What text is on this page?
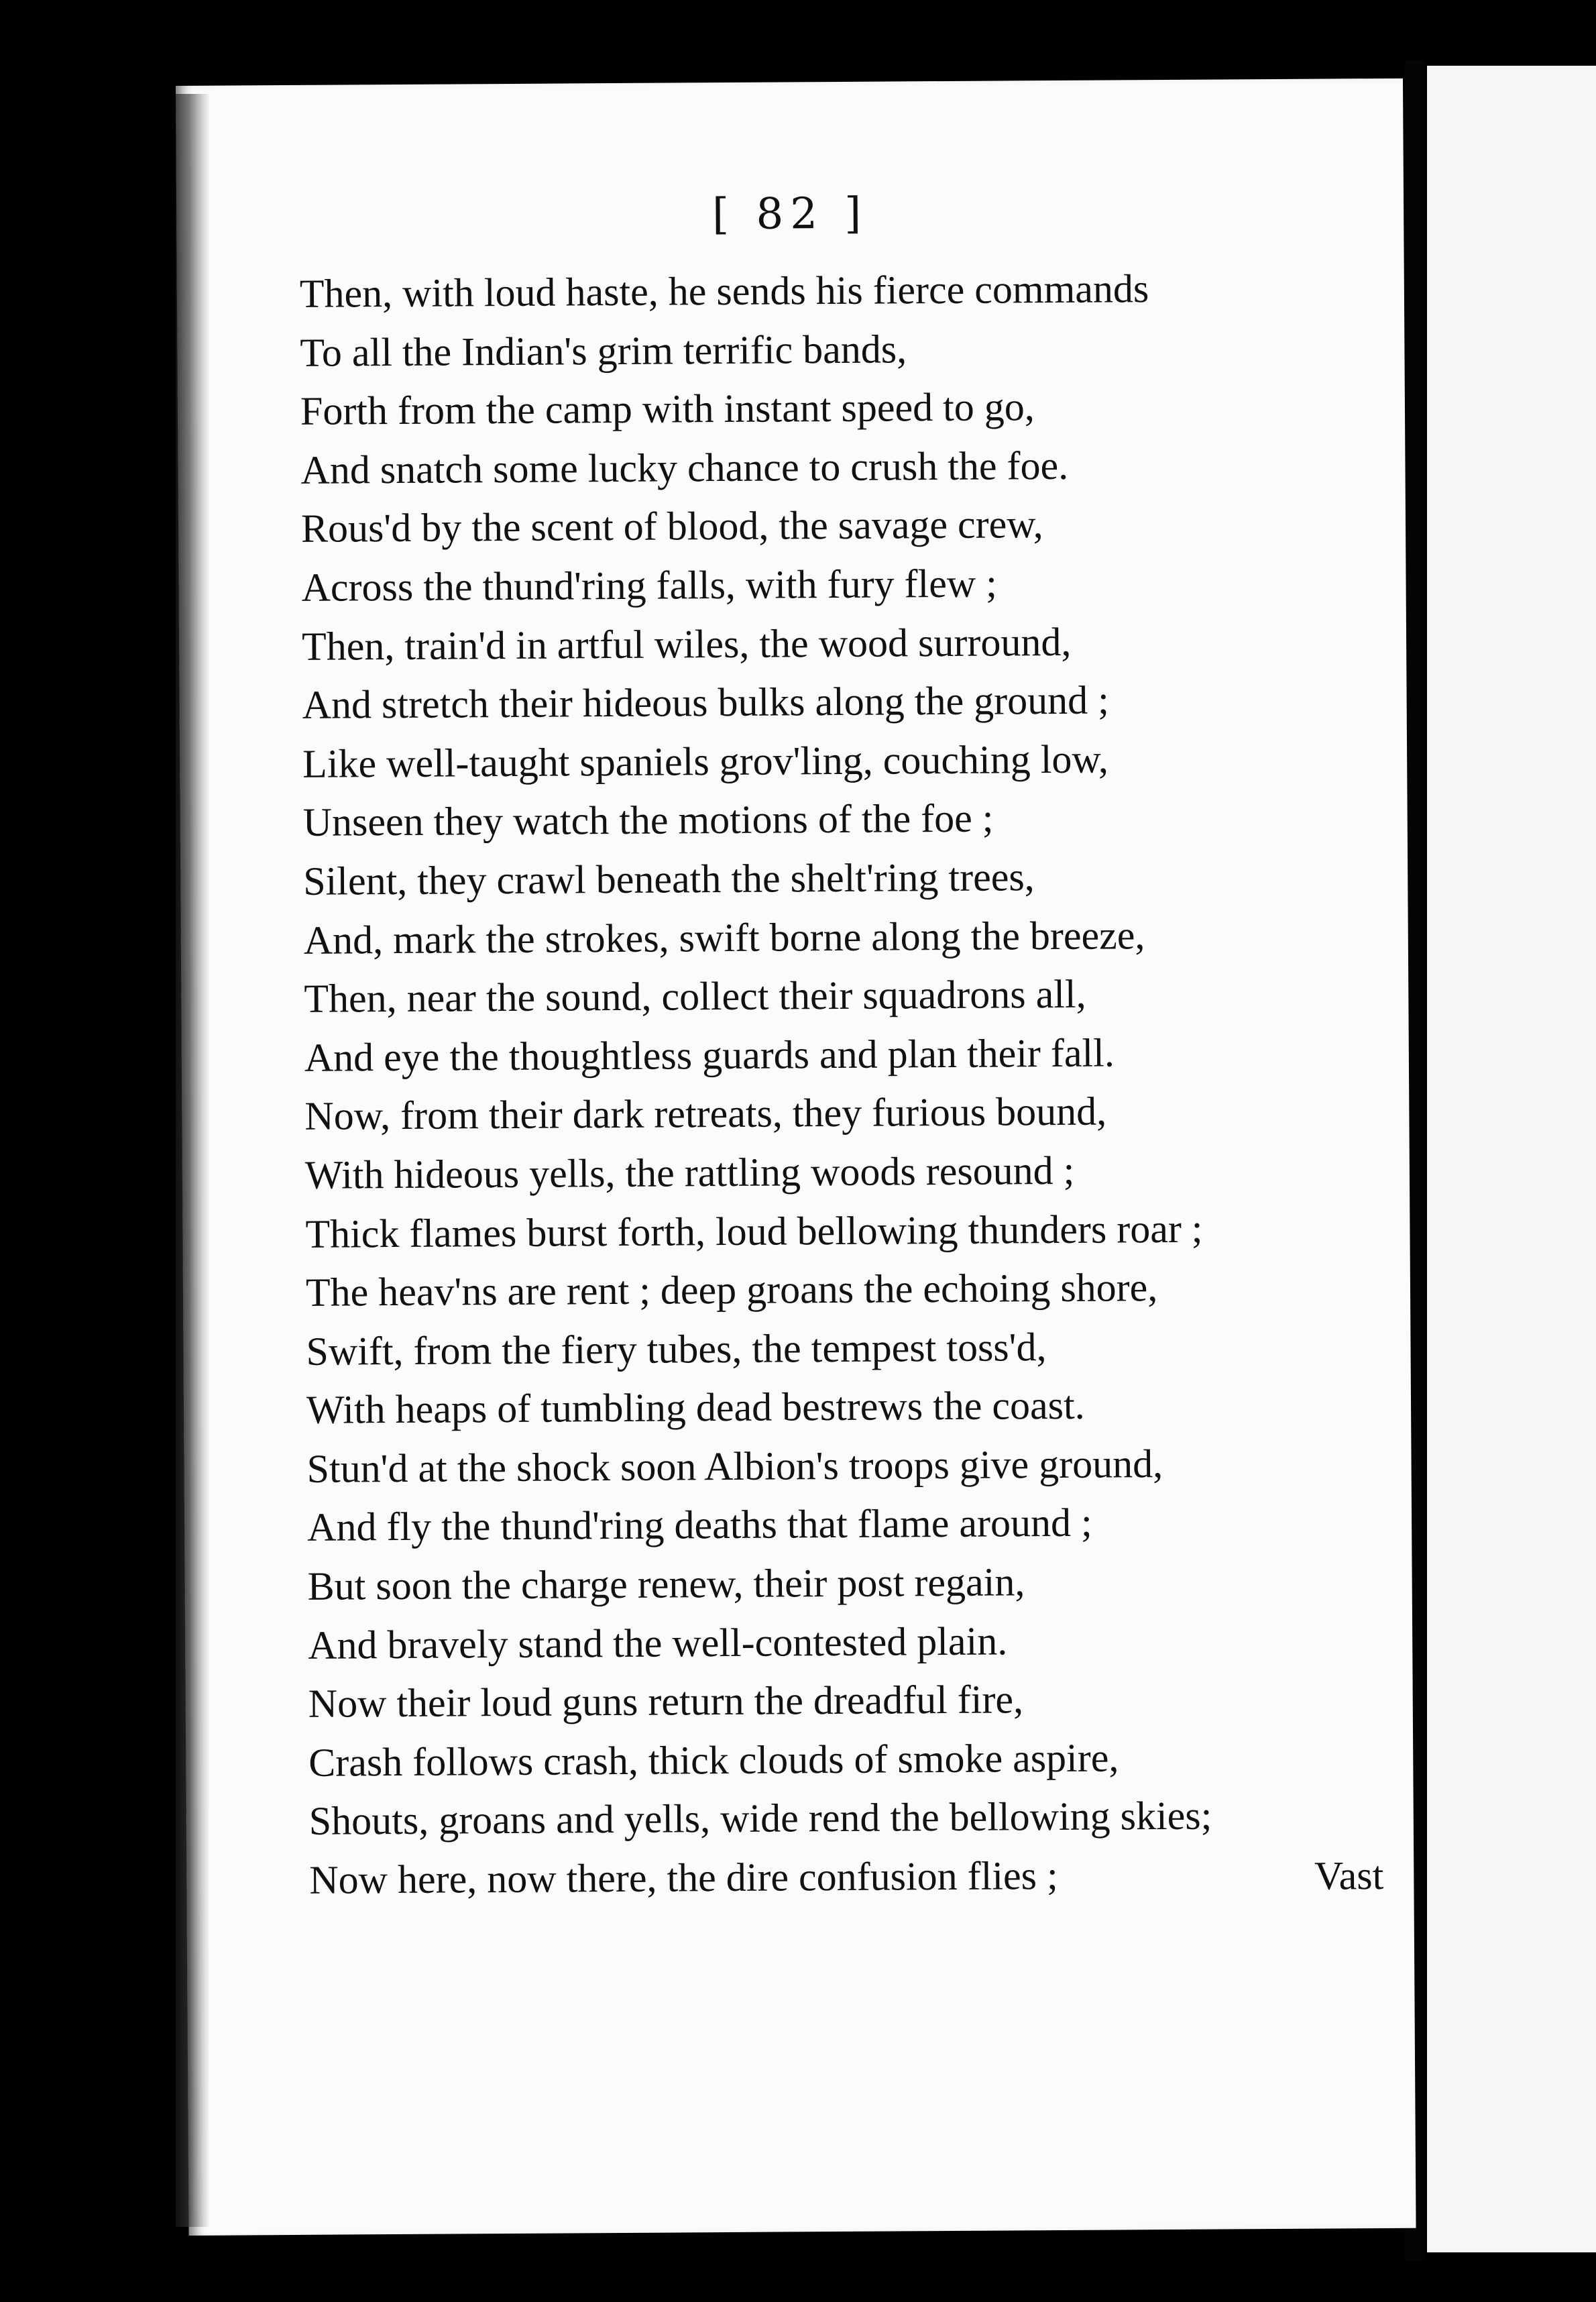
[ 82 ]
Then, with loud haste, he sends his fierce commands
To all the Indian's grim terrific bands,
Forth from the camp with instant speed to go,
And snatch some lucky chance to crush the foe.
Rous'd by the scent of blood, the savage crew,
Across the thund'ring falls, with fury flew ;
Then, train'd in artful wiles, the wood surround,
And stretch their hideous bulks along the ground ;
Like well-taught spaniels grov'ling, couching low,
Unseen they watch the motions of the foe ;
Silent, they crawl beneath the shelt'ring trees,
And, mark the strokes, swift borne along the breeze,
Then, near the sound, collect their squadrons all,
And eye the thoughtless guards and plan their fall.
Now, from their dark retreats, they furious bound,
With hideous yells, the rattling woods resound ;
Thick flames burst forth, loud bellowing thunders roar ;
The heav'ns are rent ; deep groans the echoing shore,
Swift, from the fiery tubes, the tempest toss'd,
With heaps of tumbling dead bestrews the coast.
Stun'd at the shock soon Albion's troops give ground,
And fly the thund'ring deaths that flame around ;
But soon the charge renew, their post regain,
And bravely stand the well-contested plain.
Now their loud guns return the dreadful fire,
Crash follows crash, thick clouds of smoke aspire,
Shouts, groans and yells, wide rend the bellowing skies;
Now here, now there, the dire confusion flies ;	Vast
